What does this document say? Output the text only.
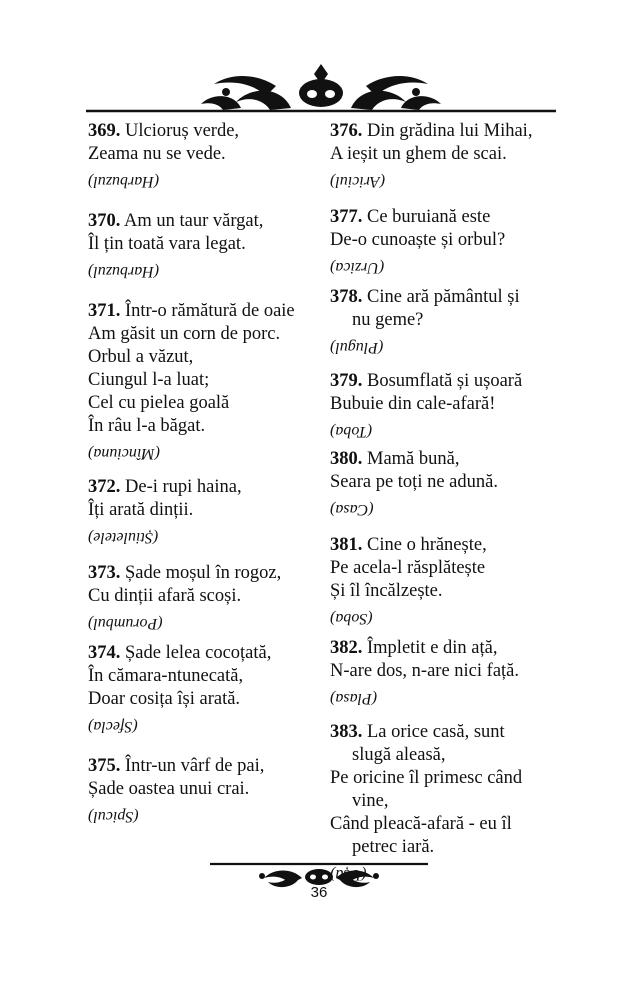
369. Ulcioruș verde,
Zeama nu se vede.
(Harbuzul)
370. Am un taur vărgat,
Îl țin toată vara legat.
(Harbuzul)
371. Într-o rămătură de oaie
Am găsit un corn de porc.
Orbul a văzut,
Ciungul l-a luat;
Cel cu pielea goală
În râu l-a băgat.
(Mînciuna)
372. De-i rupi haina,
Îți arată dinții.
(Știuletele)
373. Șade moșul în rogoz,
Cu dinții afară scoși.
(Porumbul)
374. Șade lelea cocoțată,
În cămara-ntunecată,
Doar cosița își arată.
(Sfecla)
375. Într-un vârf de pai,
Șade oastea unui crai.
(Spicul)
376. Din grădina lui Mihai,
A ieșit un ghem de scai.
(Ariciul)
377. Ce buruiană este
De-o cunoaște și orbul?
(Urzica)
378. Cine ară pământul și
nu geme?
(Plugul)
379. Bosumflată și ușoară
Bubuie din cale-afară!
(Toba)
380. Mamă bună,
Seara pe toți ne adună.
(Casa)
381. Cine o hrănește,
Pe acela-l răsplătește
Și îl încălzește.
(Soba)
382. Împletit e din ață,
N-are dos, n-are nici față.
(Plasa)
383. La orice casă, sunt
slugă aleasă,
Pe oricine îl primesc când
vine,
Când pleacă-afară - eu îl
petrec iară.
36
